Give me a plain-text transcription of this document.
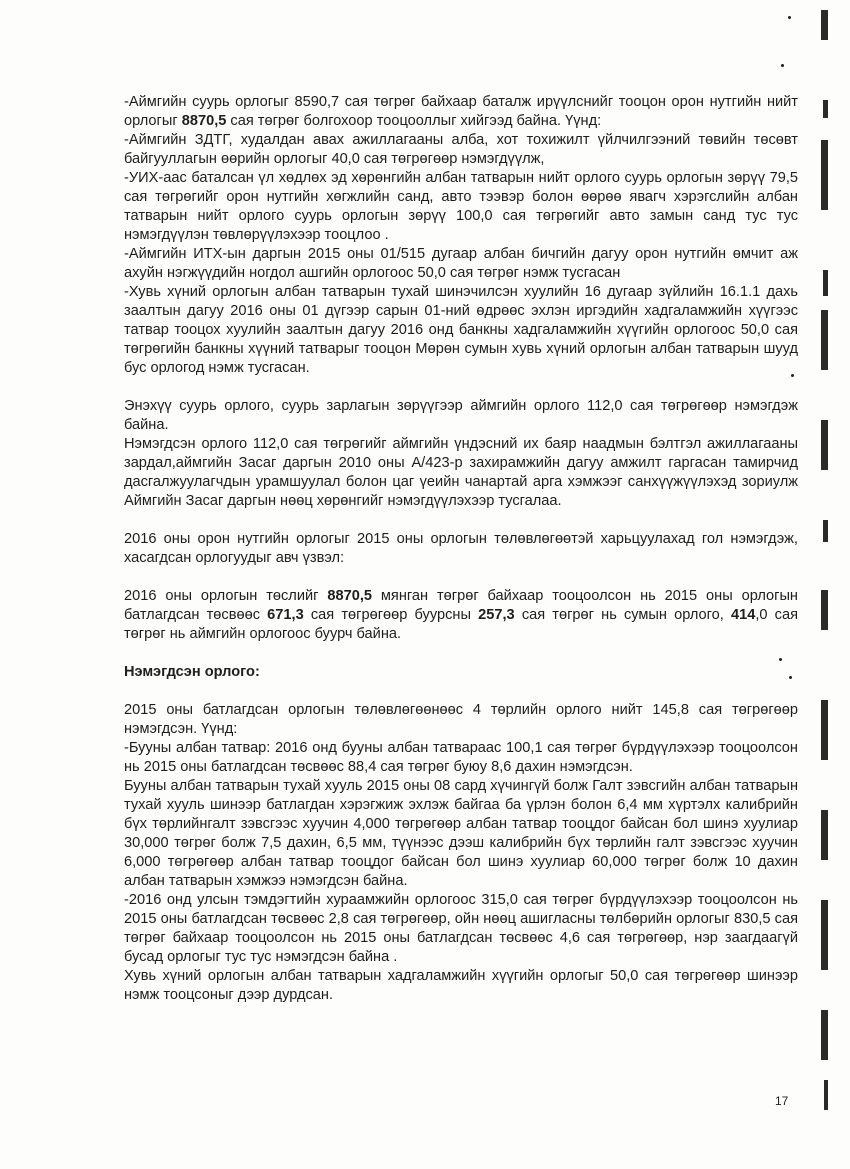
-Аймгийн суурь орлогыг 8590,7 сая төгрөг байхаар баталж ирүүлснийг тооцон орон нутгийн нийт орлогыг 8870,5 сая төгрөг болгохоор тооцооллыг хийгээд байна. Үүнд:

-Аймгийн ЗДТГ, худалдан авах ажиллагааны алба, хот тохижилт үйлчилгээний төвийн төсөвт байгууллагын өөрийн орлогыг 40,0 сая төгрөгөөр нэмэгдүүлж,

-УИХ-аас баталсан үл хөдлөх эд хөрөнгийн албан татварын нийт орлого суурь орлогын зөрүү 79,5 сая төгрөгийг орон нутгийн хөгжлийн санд, авто тээвэр болон өөрөө явагч хэрэгслийн албан татварын нийт орлого суурь орлогын зөрүү 100,0 сая төгрөгийг авто замын санд тус тус нэмэгдүүлэн төвлөрүүлэхээр тооцлоо .

-Аймгийн ИТХ-ын даргын 2015 оны 01/515 дугаар албан бичгийн дагуу орон нутгийн өмчит аж ахуйн нэгжүүдийн ногдол ашгийн орлогоос 50,0 сая төгрөг нэмж тусгасан

-Хувь хүний орлогын албан татварын тухай шинэчилсэн хуулийн 16 дугаар зүйлийн 16.1.1 дахь заалтын дагуу 2016 оны 01 дүгээр сарын 01-ний өдрөөс эхлэн иргэдийн хадгаламжийн хүүгээс татвар тооцох хуулийн заалтын дагуу 2016 онд банкны хадгаламжийн хүүгийн орлогоос 50,0 сая төгрөгийн банкны хүүний татварыг тооцон Мөрөн сумын хувь хүний орлогын албан татварын шууд бус орлогод нэмж тусгасан.

Энэхүү суурь орлого, суурь зарлагын зөрүүгээр аймгийн орлого 112,0 сая төгрөгөөр нэмэгдэж байна.

Нэмэгдсэн орлого 112,0 сая төгрөгийг аймгийн үндэсний их баяр наадмын бэлтгэл ажиллагааны зардал,аймгийн Засаг даргын 2010 оны А/423-р захирамжийн дагуу амжилт гаргасан тамирчид дасгалжуулагчдын урамшуулал болон цаг үеийн чанартай арга хэмжээг санхүүжүүлэхэд зориулж Аймгийн Засаг даргын нөөц хөрөнгийг нэмэгдүүлэхээр тусгалаа.

2016 оны орон нутгийн орлогыг 2015 оны орлогын төлөвлөгөөтэй харьцуулахад гол нэмэгдэж, хасагдсан орлогуудыг авч үзвэл:

2016 оны орлогын төслийг 8870,5 мянган төгрөг байхаар тооцоолсон нь 2015 оны орлогын батлагдсан төсвөөс 671,3 сая төгрөгөөр буурсны 257,3 сая төгрөг нь сумын орлого, 414,0 сая төгрөг нь аймгийн орлогоос буурч байна.

Нэмэгдсэн орлого:

2015 оны батлагдсан орлогын төлөвлөгөөнөөс 4 төрлийн орлого нийт 145,8 сая төгрөгөөр нэмэгдсэн. Үүнд:

-Бууны албан татвар: 2016 онд бууны албан татвараас 100,1 сая төгрөг бүрдүүлэхээр тооцоолсон нь 2015 оны батлагдсан төсвөөс 88,4 сая төгрөг буюу 8,6 дахин нэмэгдсэн.

Бууны албан татварын тухай хууль 2015 оны 08 сард хүчингүй болж Галт зэвсгийн албан татварын тухай хууль шинээр батлагдан хэрэгжиж эхлэж байгаа ба үрлэн болон 6,4 мм хүртэлх калибрийн бүх төрлийнгалт зэвсгээс хуучин 4,000 төгрөгөөр албан татвар тооцдог байсан бол шинэ хуулиар 30,000 төгрөг болж 7,5 дахин, 6,5 мм, түүнээс дээш калибрийн бүх төрлийн галт зэвсгээс хуучин 6,000 төгрөгөөр албан татвар тооцдог байсан бол шинэ хуулиар 60,000 төгрөг болж 10 дахин албан татварын хэмжээ нэмэгдсэн байна.

-2016 онд улсын тэмдэгтийн хураамжийн орлогоос 315,0 сая төгрөг бүрдүүлэхээр тооцоолсон нь 2015 оны батлагдсан төсвөөс 2,8 сая төгрөгөөр, ойн нөөц ашигласны төлбөрийн орлогыг 830,5 сая төгрөг байхаар тооцоолсон нь 2015 оны батлагдсан төсвөөс 4,6 сая төгрөгөөр, нэр заагдаагүй бусад орлогыг тус тус нэмэгдсэн байна .

Хувь хүний орлогын албан татварын хадгаламжийн хүүгийн орлогыг 50,0 сая төгрөгөөр шинээр нэмж тооцсоныг дээр дурдсан.

17
